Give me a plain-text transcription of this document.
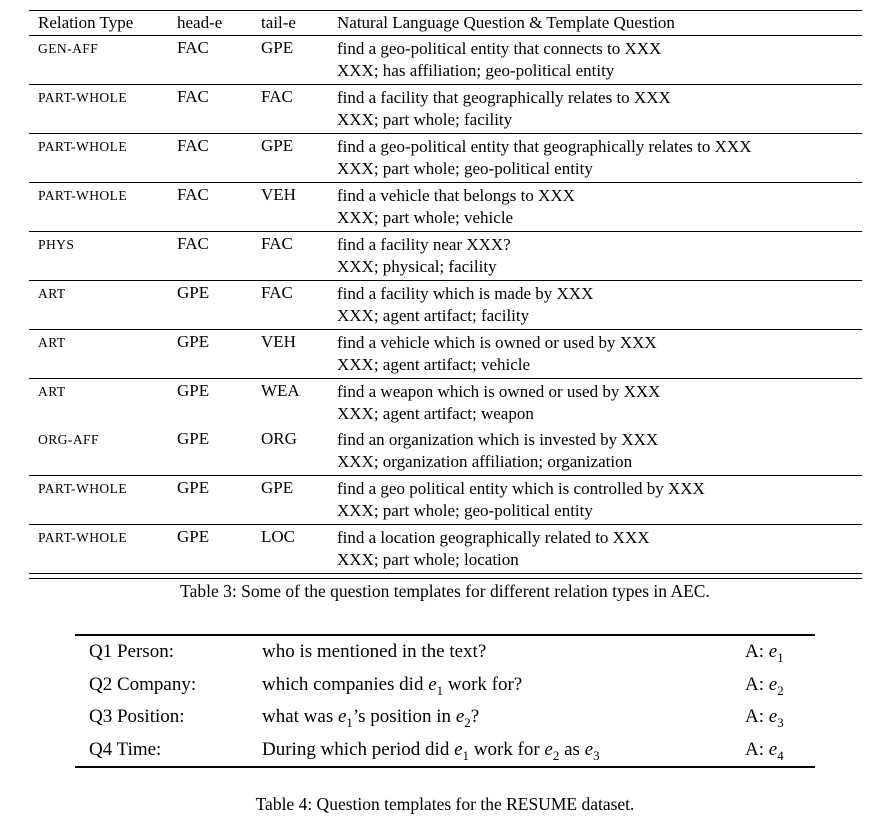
Relation Type	head-e	tail-e	Natural Language Question & Template Question
GEN-AFF	FAC	GPE	find a geo-political entity that connects to XXX
XXX; has affiliation; geo-political entity

PART-WHOLE	FAC	FAC	find a facility that geographically relates to XXX
XXX; part whole; facility

PART-WHOLE	FAC	GPE	find a geo-political entity that geographically relates to XXX
XXX; part whole; geo-political entity

PART-WHOLE	FAC	VEH	find a vehicle that belongs to XXX
XXX; part whole; vehicle

PHYS	FAC	FAC	find a facility near XXX?
XXX; physical; facility

ART	GPE	FAC	find a facility which is made by XXX
XXX; agent artifact; facility

ART	GPE	VEH	find a vehicle which is owned or used by XXX
XXX; agent artifact; vehicle

ART	GPE	WEA	find a weapon which is owned or used by XXX
XXX; agent artifact; weapon

ORG-AFF	GPE	ORG	find an organization which is invested by XXX
XXX; organization affiliation; organization

PART-WHOLE	GPE	GPE	find a geo political entity which is controlled by XXX
XXX; part whole; geo-political entity

PART-WHOLE	GPE	LOC	find a location geographically related to XXX
XXX; part whole; location
Table 3: Some of the question templates for different relation types in AEC.
Q1 Person:	who is mentioned in the text?	A: $e_1$
Q2 Company:	which companies did $e_1$ work for?	A: $e_2$
Q3 Position:	what was $e_1’s$ position in $e_2$?	A: $e_3$
Q4 Time:	During which period did $e_1$ work for $e_2$ as $e_3$	A: $e_4$
Table 4: Question templates for the RESUME dataset.
